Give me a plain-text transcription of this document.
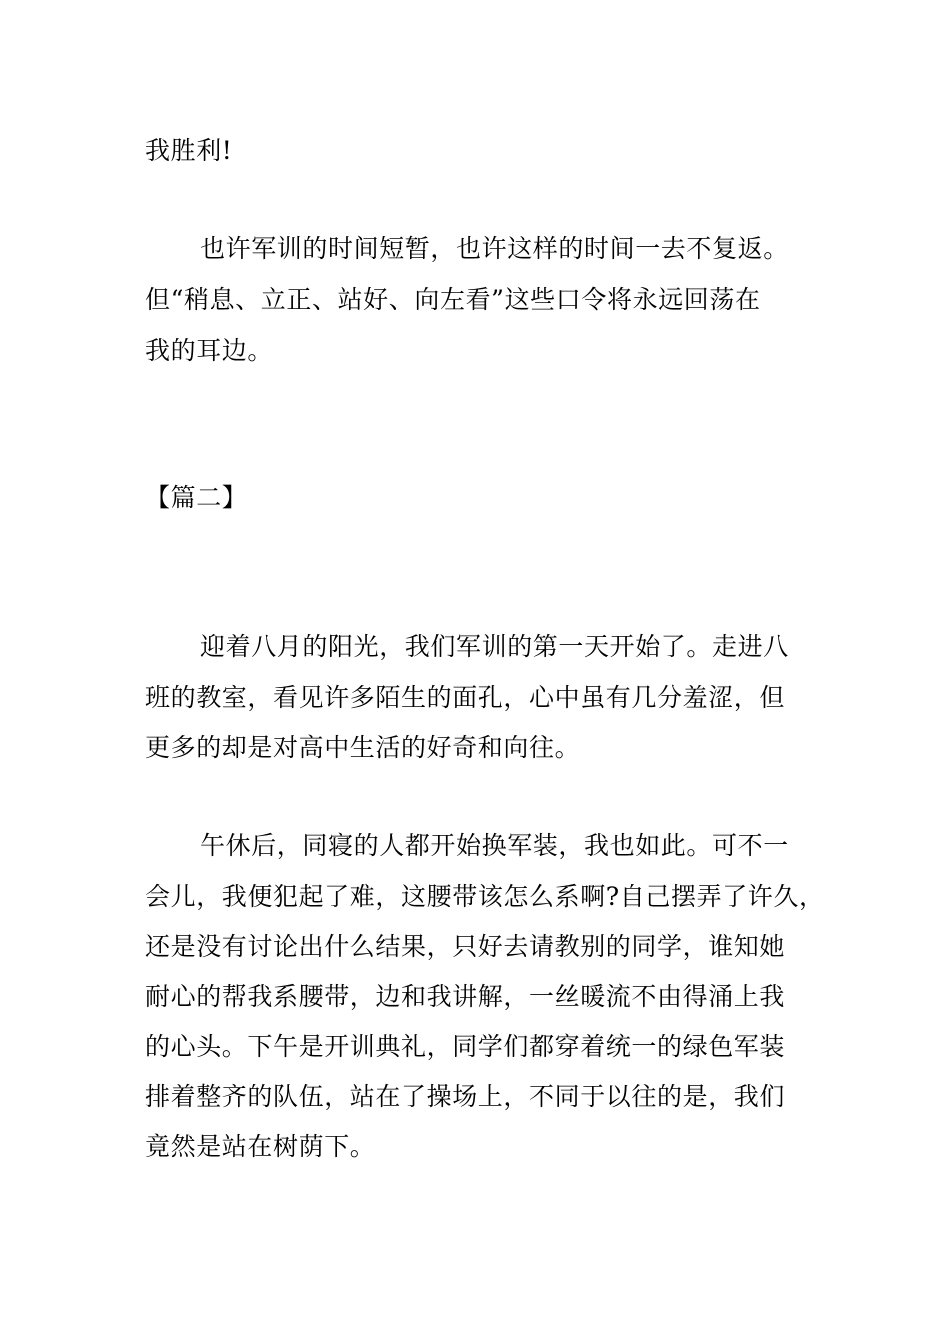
我胜利!
也许军训的时间短暂，也许这样的时间一去不复返。
但“稍息、立正、站好、向左看”这些口令将永远回荡在
我的耳边。
【篇二】
迎着八月的阳光，我们军训的第一天开始了。走进八
班的教室，看见许多陌生的面孔，心中虽有几分羞涩，但
更多的却是对高中生活的好奇和向往。
午休后，同寝的人都开始换军装，我也如此。可不一
会儿，我便犯起了难，这腰带该怎么系啊?自己摆弄了许久，
还是没有讨论出什么结果，只好去请教别的同学，谁知她
耐心的帮我系腰带，边和我讲解，一丝暖流不由得涌上我
的心头。下午是开训典礼，同学们都穿着统一的绿色军装
排着整齐的队伍，站在了操场上，不同于以往的是，我们
竟然是站在树荫下。
